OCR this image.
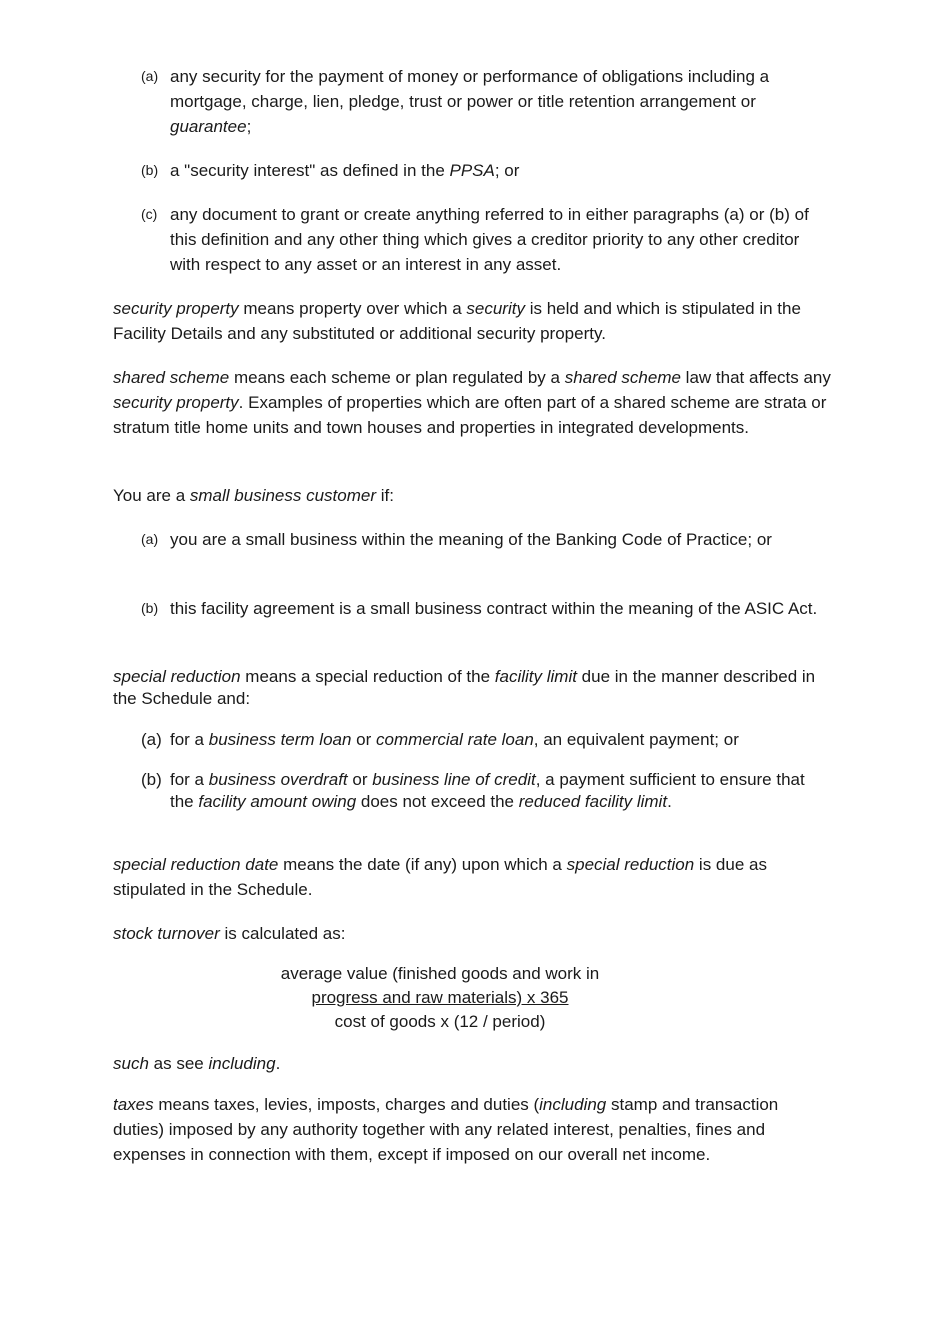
(a) any security for the payment of money or performance of obligations including a mortgage, charge, lien, pledge, trust or power or title retention arrangement or guarantee;
(b) a "security interest" as defined in the PPSA; or
(c) any document to grant or create anything referred to in either paragraphs (a) or (b) of this definition and any other thing which gives a creditor priority to any other creditor with respect to any asset or an interest in any asset.
security property means property over which a security is held and which is stipulated in the Facility Details and any substituted or additional security property.
shared scheme means each scheme or plan regulated by a shared scheme law that affects any security property. Examples of properties which are often part of a shared scheme are strata or stratum title home units and town houses and properties in integrated developments.
You are a small business customer if:
(a) you are a small business within the meaning of the Banking Code of Practice; or
(b) this facility agreement is a small business contract within the meaning of the ASIC Act.
special reduction means a special reduction of the facility limit due in the manner described in the Schedule and:
(a) for a business term loan or commercial rate loan, an equivalent payment; or
(b) for a business overdraft or business line of credit, a payment sufficient to ensure that the facility amount owing does not exceed the reduced facility limit.
special reduction date means the date (if any) upon which a special reduction is due as stipulated in the Schedule.
stock turnover is calculated as:
average value (finished goods and work in
progress and raw materials) x 365
cost of goods x (12 / period)
such as see including.
taxes means taxes, levies, imposts, charges and duties (including stamp and transaction duties) imposed by any authority together with any related interest, penalties, fines and expenses in connection with them, except if imposed on our overall net income.
